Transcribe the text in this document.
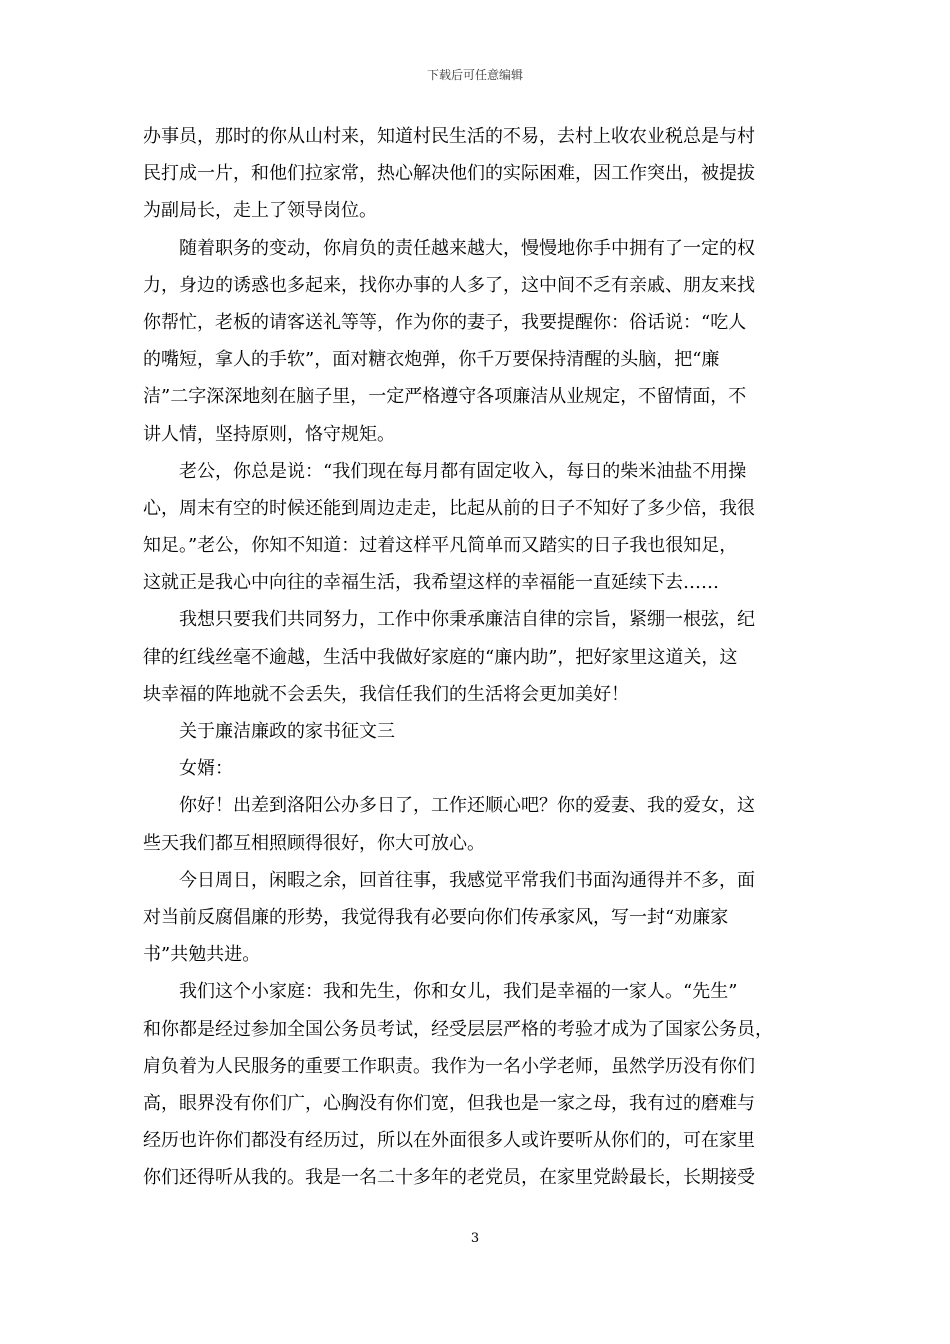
下载后可任意编辑
办事员，那时的你从山村来，知道村民生活的不易，去村上收农业税总是与村
民打成一片，和他们拉家常，热心解决他们的实际困难，因工作突出，被提拔
为副局长，走上了领导岗位。
随着职务的变动，你肩负的责任越来越大，慢慢地你手中拥有了一定的权
力，身边的诱惑也多起来，找你办事的人多了，这中间不乏有亲戚、朋友来找
你帮忙，老板的请客送礼等等，作为你的妻子，我要提醒你：俗话说：“吃人
的嘴短，拿人的手软”，面对糖衣炮弹，你千万要保持清醒的头脑，把“廉
洁”二字深深地刻在脑子里，一定严格遵守各项廉洁从业规定，不留情面，不
讲人情，坚持原则，恪守规矩。
老公，你总是说：“我们现在每月都有固定收入，每日的柴米油盐不用操
心，周末有空的时候还能到周边走走，比起从前的日子不知好了多少倍，我很
知足。”老公，你知不知道：过着这样平凡简单而又踏实的日子我也很知足，
这就正是我心中向往的幸福生活，我希望这样的幸福能一直延续下去……
我想只要我们共同努力，工作中你秉承廉洁自律的宗旨，紧绷一根弦，纪
律的红线丝毫不逾越，生活中我做好家庭的“廉内助”，把好家里这道关，这
块幸福的阵地就不会丢失，我信任我们的生活将会更加美好！
关于廉洁廉政的家书征文三
女婿：
你好！出差到洛阳公办多日了，工作还顺心吧？你的爱妻、我的爱女，这
些天我们都互相照顾得很好，你大可放心。
今日周日，闲暇之余，回首往事，我感觉平常我们书面沟通得并不多，面
对当前反腐倡廉的形势，我觉得我有必要向你们传承家风，写一封“劝廉家
书”共勉共进。
我们这个小家庭：我和先生，你和女儿，我们是幸福的一家人。“先生”
和你都是经过参加全国公务员考试，经受层层严格的考验才成为了国家公务员，
肩负着为人民服务的重要工作职责。我作为一名小学老师，虽然学历没有你们
高，眼界没有你们广，心胸没有你们宽，但我也是一家之母，我有过的磨难与
经历也许你们都没有经历过，所以在外面很多人或许要听从你们的，可在家里
你们还得听从我的。我是一名二十多年的老党员，在家里党龄最长，长期接受
3
